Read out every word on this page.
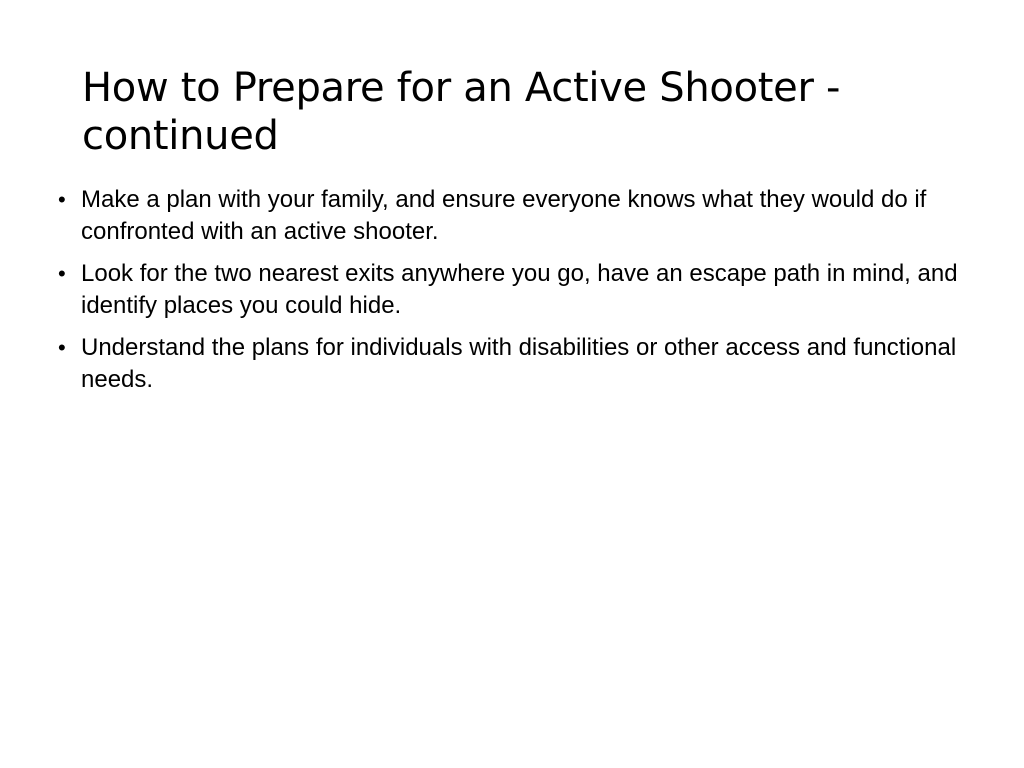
How to Prepare for an Active Shooter - continued
• Make a plan with your family, and ensure everyone knows what they would do if confronted with an active shooter.
• Look for the two nearest exits anywhere you go, have an escape path in mind, and identify places you could hide.
• Understand the plans for individuals with disabilities or other access and functional needs.
